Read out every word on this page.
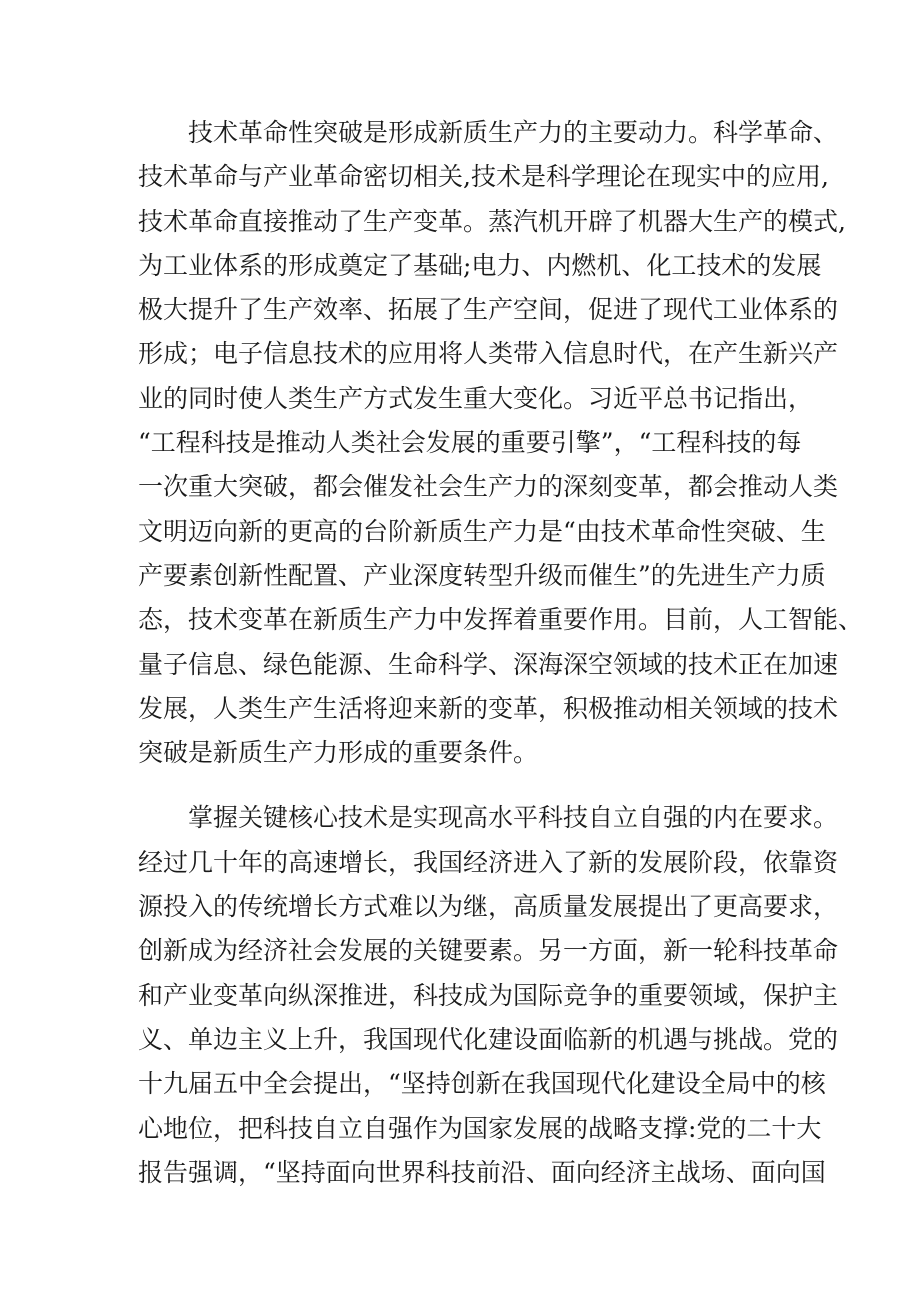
技术革命性突破是形成新质生产力的主要动力。科学革命、
技术革命与产业革命密切相关,技术是科学理论在现实中的应用,
技术革命直接推动了生产变革。蒸汽机开辟了机器大生产的模式,
为工业体系的形成奠定了基础;电力、内燃机、化工技术的发展
极大提升了生产效率、拓展了生产空间，促进了现代工业体系的
形成；电子信息技术的应用将人类带入信息时代，在产生新兴产
业的同时使人类生产方式发生重大变化。习近平总书记指出，
“工程科技是推动人类社会发展的重要引擎”，“工程科技的每
一次重大突破，都会催发社会生产力的深刻变革，都会推动人类
文明迈向新的更高的台阶新质生产力是“由技术革命性突破、生
产要素创新性配置、产业深度转型升级而催生”的先进生产力质
态，技术变革在新质生产力中发挥着重要作用。目前，人工智能、
量子信息、绿色能源、生命科学、深海深空领域的技术正在加速
发展，人类生产生活将迎来新的变革，积极推动相关领域的技术
突破是新质生产力形成的重要条件。

掌握关键核心技术是实现高水平科技自立自强的内在要求。
经过几十年的高速增长，我国经济进入了新的发展阶段，依靠资
源投入的传统增长方式难以为继，高质量发展提出了更高要求，
创新成为经济社会发展的关键要素。另一方面，新一轮科技革命
和产业变革向纵深推进，科技成为国际竞争的重要领域，保护主
义、单边主义上升，我国现代化建设面临新的机遇与挑战。党的
十九届五中全会提出，“坚持创新在我国现代化建设全局中的核
心地位，把科技自立自强作为国家发展的战略支撑:党的二十大
报告强调，“坚持面向世界科技前沿、面向经济主战场、面向国
